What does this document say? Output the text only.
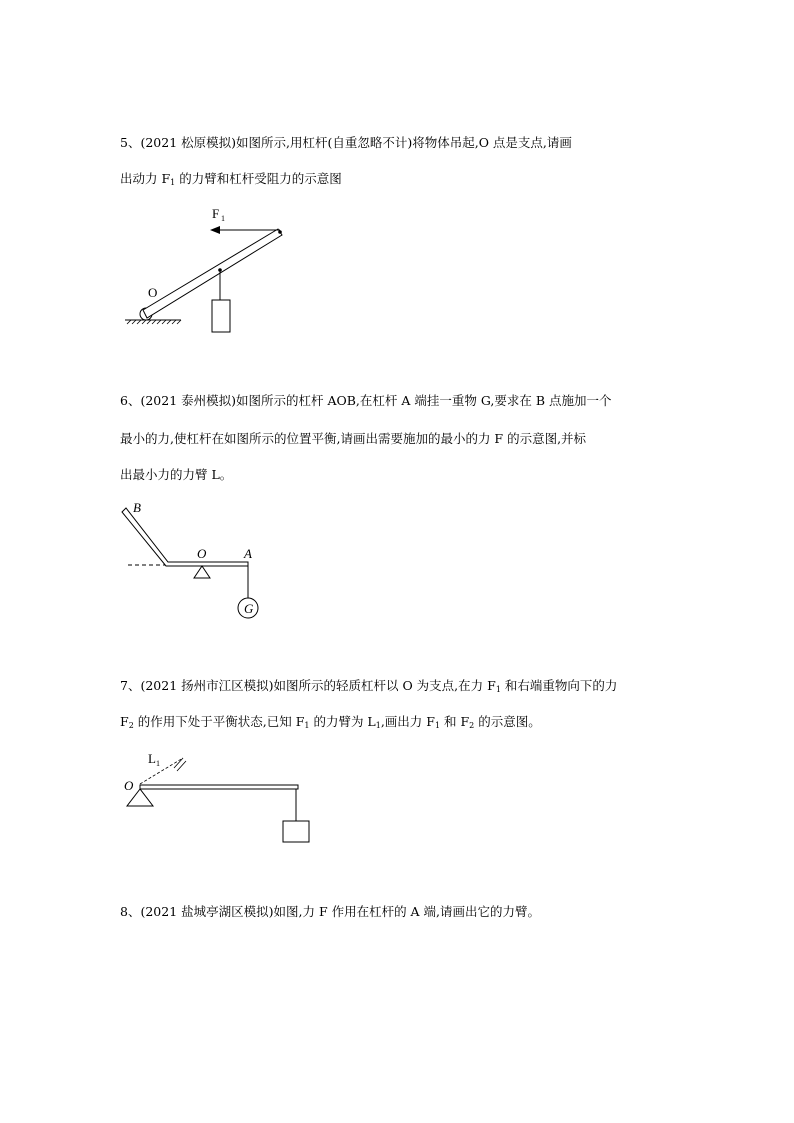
5、(2021 松原模拟)如图所示,用杠杆(自重忽略不计)将物体吊起,O 点是支点,请画
出动力 $F_1$ 的力臂和杠杆受阻力的示意图
F 1
O
6、(2021 泰州模拟)如图所示的杠杆 AOB,在杠杆 A 端挂一重物 G,要求在 B 点施加一个
最小的力,使杠杆在如图所示的位置平衡,请画出需要施加的最小的力 F 的示意图,并标
出最小力的力臂 L。
G
B
O	A
7、(2021 扬州市江区模拟)如图所示的轻质杠杆以 O 为支点,在力 $F_1$ 和右端重物向下的力
$F_2$ 的作用下处于平衡状态,已知 $F_1$ 的力臂为 $L_1$,画出力 $F_1$ 和 $F_2$ 的示意图。
L 1
O
8、(2021 盐城亭湖区模拟)如图,力 F 作用在杠杆的 A 端,请画出它的力臂。
